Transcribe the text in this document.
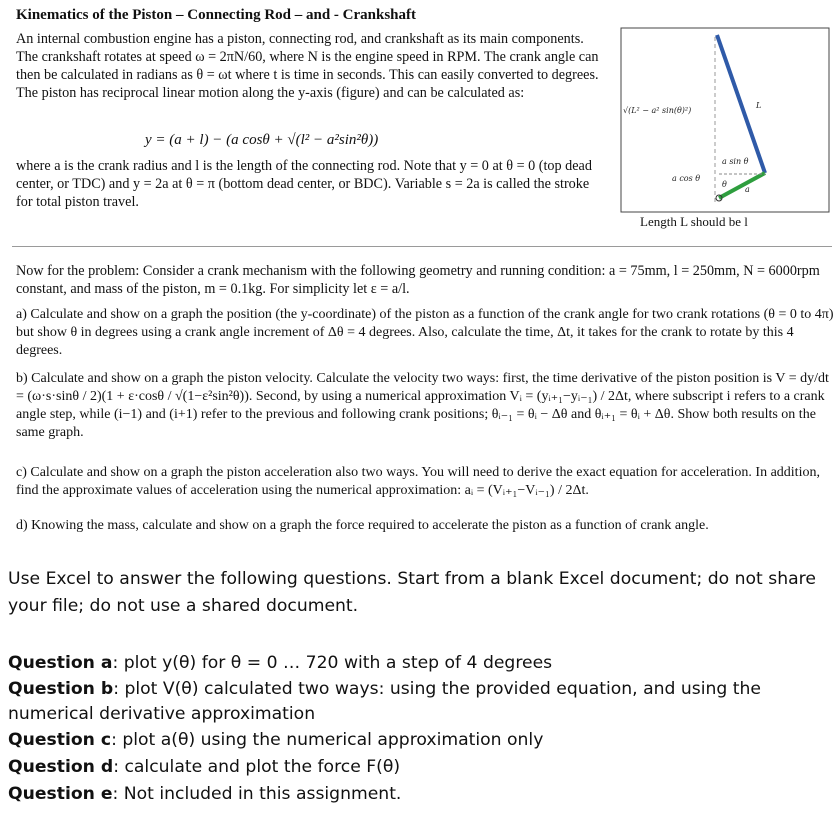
Kinematics of the Piston – Connecting Rod – and - Crankshaft
An internal combustion engine has a piston, connecting rod, and crankshaft as its main components. The crankshaft rotates at speed ω = 2πN/60, where N is the engine speed in RPM. The crank angle can then be calculated in radians as θ = ωt where t is time in seconds. This can easily converted to degrees. The piston has reciprocal linear motion along the y-axis (figure) and can be calculated as:
y = (a + l) − (a cosθ + √(l² − a²sin²θ))
where a is the crank radius and l is the length of the connecting rod. Note that y = 0 at θ = 0 (top dead center, or TDC) and y = 2a at θ = π (bottom dead center, or BDC). Variable s = 2a is called the stroke for total piston travel.
√(L² − a² sin(θ)²)
L
a sin θ
a cos θ
θ
a
Length L should be l
Now for the problem: Consider a crank mechanism with the following geometry and running condition: a = 75mm, l = 250mm, N = 6000rpm constant, and mass of the piston, m = 0.1kg. For simplicity let ε = a/l.
a) Calculate and show on a graph the position (the y-coordinate) of the piston as a function of the crank angle for two crank rotations (θ = 0 to 4π) but show θ in degrees using a crank angle increment of Δθ = 4 degrees. Also, calculate the time, Δt, it takes for the crank to rotate by this 4 degrees.
b) Calculate and show on a graph the piston velocity. Calculate the velocity two ways: first, the time derivative of the piston position is V = dy/dt = (ω·s·sinθ / 2)(1 + ε·cosθ / √(1−ε²sin²θ)). Second, by using a numerical approximation Vᵢ = (yᵢ₊₁−yᵢ₋₁) / 2Δt, where subscript i refers to a crank angle step, while (i−1) and (i+1) refer to the previous and following crank positions; θᵢ₋₁ = θᵢ − Δθ and θᵢ₊₁ = θᵢ + Δθ. Show both results on the same graph.
c) Calculate and show on a graph the piston acceleration also two ways. You will need to derive the exact equation for acceleration. In addition, find the approximate values of acceleration using the numerical approximation: aᵢ = (Vᵢ₊₁−Vᵢ₋₁) / 2Δt.
d) Knowing the mass, calculate and show on a graph the force required to accelerate the piston as a function of crank angle.
Use Excel to answer the following questions. Start from a blank Excel document; do not share your file; do not use a shared document.
Question a: plot y(θ) for θ = 0 … 720 with a step of 4 degrees
Question b: plot V(θ) calculated two ways: using the provided equation, and using the numerical derivative approximation
Question c: plot a(θ) using the numerical approximation only
Question d: calculate and plot the force F(θ)
Question e: Not included in this assignment.
